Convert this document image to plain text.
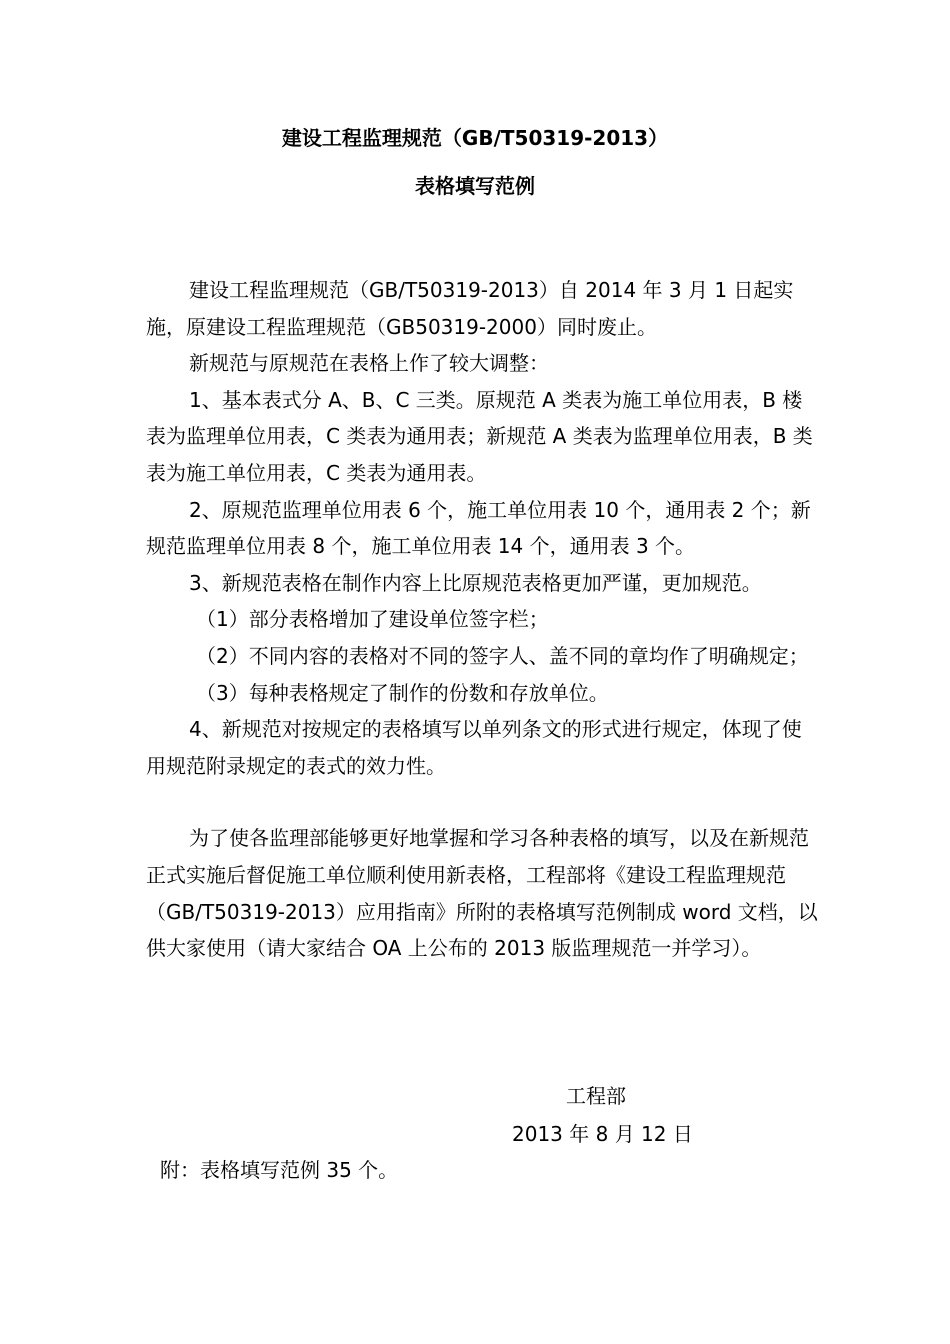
建设工程监理规范（GB/T50319-2013）
表格填写范例

建设工程监理规范（GB/T50319-2013）自 2014 年 3 月 1 日起实施，原建设工程监理规范（GB50319-2000）同时废止。

新规范与原规范在表格上作了较大调整：

1、基本表式分 A、B、C 三类。原规范 A 类表为施工单位用表，B 楼表为监理单位用表，C 类表为通用表；新规范 A 类表为监理单位用表，B 类表为施工单位用表，C 类表为通用表。

2、原规范监理单位用表 6 个，施工单位用表 10 个，通用表 2 个；新规范监理单位用表 8 个，施工单位用表 14 个，通用表 3 个。

3、新规范表格在制作内容上比原规范表格更加严谨，更加规范。

（1）部分表格增加了建设单位签字栏；

（2）不同内容的表格对不同的签字人、盖不同的章均作了明确规定；

（3）每种表格规定了制作的份数和存放单位。

4、新规范对按规定的表格填写以单列条文的形式进行规定，体现了使用规范附录规定的表式的效力性。

为了使各监理部能够更好地掌握和学习各种表格的填写，以及在新规范正式实施后督促施工单位顺利使用新表格，工程部将《建设工程监理规范（GB/T50319-2013）应用指南》所附的表格填写范例制成 word 文档，以供大家使用（请大家结合 OA 上公布的 2013 版监理规范一并学习）。

工程部
2013 年 8 月 12 日
附：表格填写范例 35 个。
